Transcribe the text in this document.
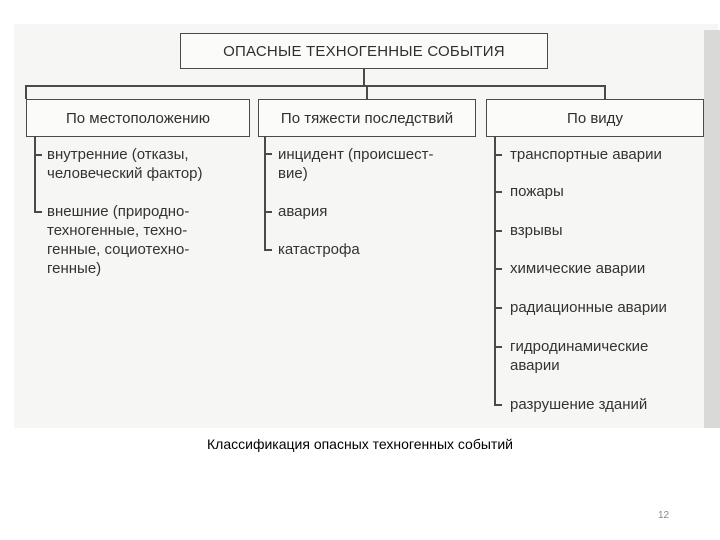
ОПАСНЫЕ ТЕХНОГЕННЫЕ СОБЫТИЯ
По местоположению	По тяжести последствий	По виду
внутренние (отказы,
человеческий фактор)
внешние (природно-
техногенные, техно-
генные, социотехно-
генные)
инцидент (происшест-
вие)
авария
катастрофа
транспортные аварии
пожары
взрывы
химические аварии
радиационные аварии
гидродинамические
аварии
разрушение зданий
Классификация опасных техногенных событий
12
